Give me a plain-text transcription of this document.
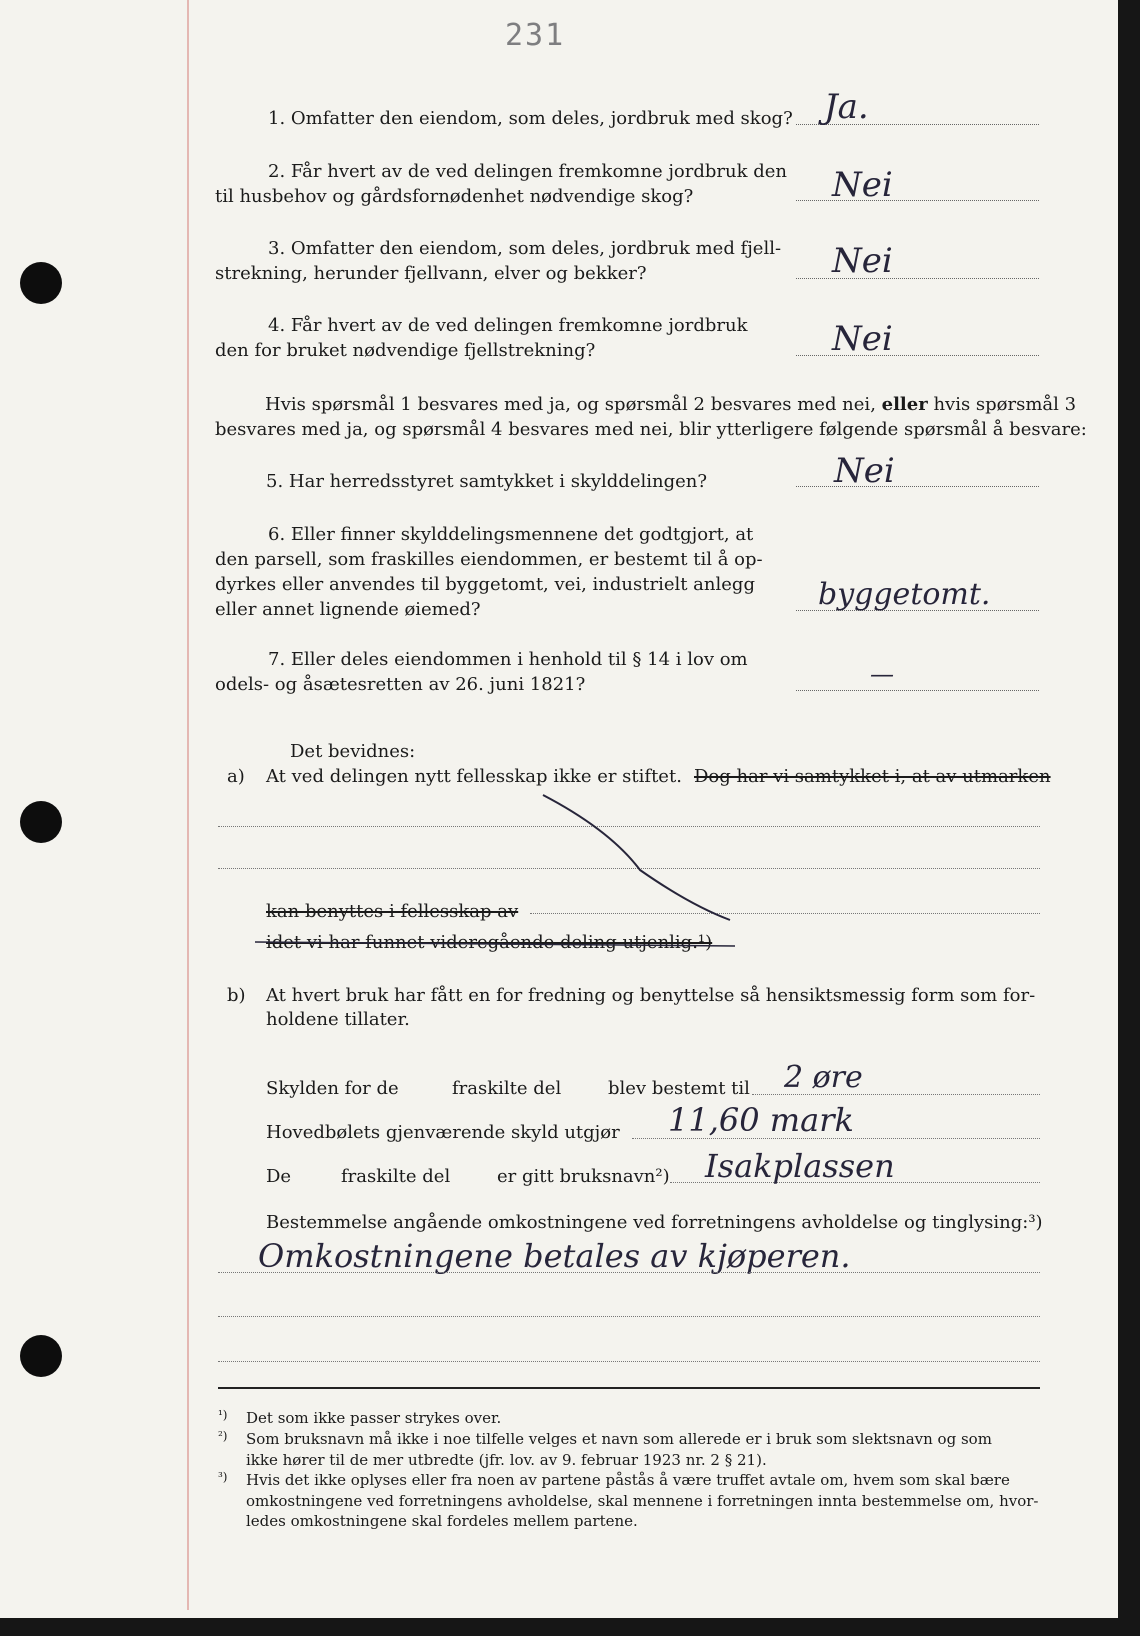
231
1. Omfatter den eiendom, som deles, jordbruk med skog? Ja.
2. Får hvert av de ved delingen fremkomne jordbruk den
til husbehov og gårdsfornødenhet nødvendige skog?	Nei
3. Omfatter den eiendom, som deles, jordbruk med fjell-
strekning, herunder fjellvann, elver og bekker?	Nei
4. Får hvert av de ved delingen fremkomne jordbruk
den for bruket nødvendige fjellstrekning?	Nei
Hvis spørsmål 1 besvares med ja, og spørsmål 2 besvares med nei, eller hvis spørsmål 3
besvares med ja, og spørsmål 4 besvares med nei, blir ytterligere følgende spørsmål å besvare:
5. Har herredsstyret samtykket i skylddelingen?	Nei
6. Eller finner skylddelingsmennene det godtgjort, at
den parsell, som fraskilles eiendommen, er bestemt til å op-
dyrkes eller anvendes til byggetomt, vei, industrielt anlegg
eller annet lignende øiemed?	byggetomt.
7. Eller deles eiendommen i henhold til § 14 i lov om
odels- og åsætesretten av 26. juni 1821?	—
Det bevidnes:
a) At ved delingen nytt fellesskap ikke er stiftet. Dog har vi samtykket i, at av utmarken
kan benyttes i fellesskap av
idet vi har funnet videregående deling utjenlig.¹)
b) At hvert bruk har fått en for fredning og benyttelse så hensiktsmessig form som for-
holdene tillater.
Skylden for de	fraskilte del	blev bestemt til 2 øre
Hovedbølets gjenværende skyld utgjør 11,60 mark
De	fraskilte del	er gitt bruksnavn²) Isakplassen
Bestemmelse angående omkostningene ved forretningens avholdelse og tinglysing:³)
Omkostningene betales av kjøperen.
¹) Det som ikke passer strykes over.
²) Som bruksnavn må ikke i noe tilfelle velges et navn som allerede er i bruk som slektsnavn og som
ikke hører til de mer utbredte (jfr. lov. av 9. februar 1923 nr. 2 § 21).
³) Hvis det ikke oplyses eller fra noen av partene påstås å være truffet avtale om, hvem som skal bære
omkostningene ved forretningens avholdelse, skal mennene i forretningen innta bestemmelse om, hvor-
ledes omkostningene skal fordeles mellem partene.
